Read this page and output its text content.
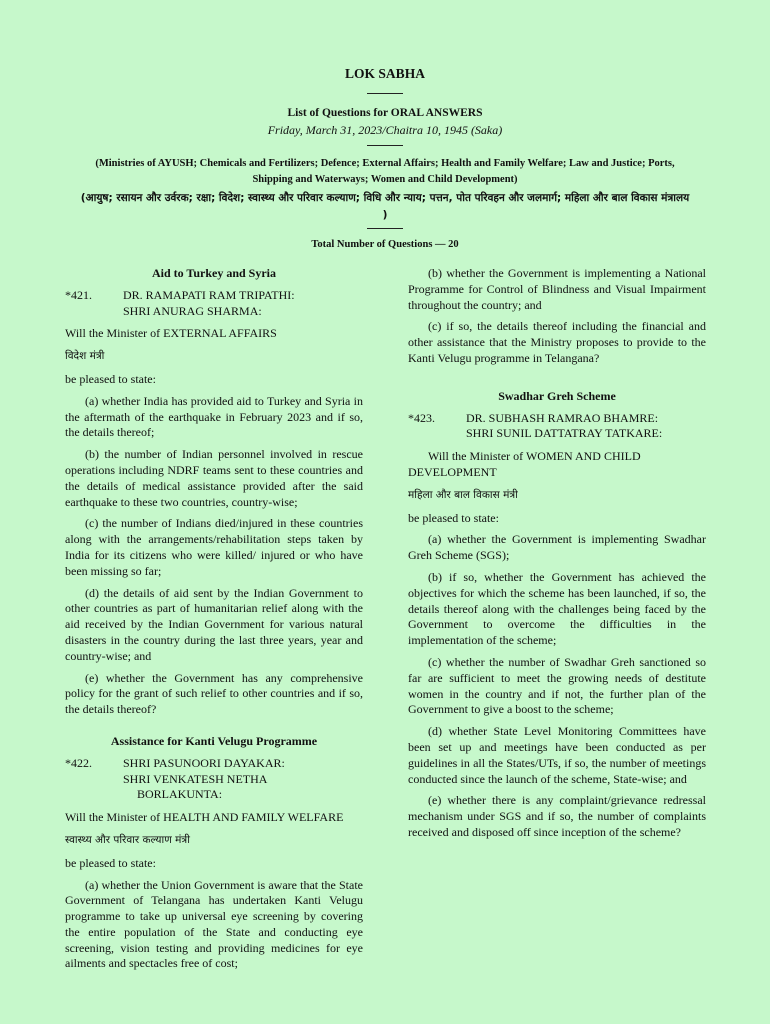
LOK SABHA
List of Questions for ORAL ANSWERS
Friday, March 31, 2023/Chaitra 10, 1945 (Saka)
(Ministries of AYUSH; Chemicals and Fertilizers; Defence; External Affairs; Health and Family Welfare; Law and Justice; Ports, Shipping and Waterways; Women and Child Development)
(आयुष; रसायन और उर्वरक; रक्षा; विदेश; स्वास्थ्य और परिवार कल्याण; विधि और न्याय; पत्तन, पोत परिवहन और जलमार्ग; महिला और बाल विकास मंत्रालय )
Total Number of Questions — 20
Aid to Turkey and Syria
*421.	DR. RAMAPATI RAM TRIPATHI:
SHRI ANURAG SHARMA:
Will the Minister of EXTERNAL AFFAIRS
विदेश मंत्री
be pleased to state:
(a) whether India has provided aid to Turkey and Syria in the aftermath of the earthquake in February 2023 and if so, the details thereof;
(b) the number of Indian personnel involved in rescue operations including NDRF teams sent to these countries and the details of medical assistance provided after the said earthquake to these two countries, country-wise;
(c) the number of Indians died/injured in these countries along with the arrangements/rehabilitation steps taken by India for its citizens who were killed/ injured or who have been missing so far;
(d) the details of aid sent by the Indian Government to other countries as part of humanitarian relief along with the aid received by the Indian Government for various natural disasters in the country during the last three years, year and country-wise; and
(e) whether the Government has any comprehensive policy for the grant of such relief to other countries and if so, the details thereof?
Assistance for Kanti Velugu Programme
*422.	SHRI PASUNOORI DAYAKAR:
SHRI VENKATESH NETHA
BORLAKUNTA:
Will the Minister of HEALTH AND FAMILY WELFARE
स्वास्थ्य और परिवार कल्याण मंत्री
be pleased to state:
(a) whether the Union Government is aware that the State Government of Telangana has undertaken Kanti Velugu programme to take up universal eye screening by covering the entire population of the State and conducting eye screening, vision testing and providing medicines for eye ailments and spectacles free of cost;
(b) whether the Government is implementing a National Programme for Control of Blindness and Visual Impairment throughout the country; and
(c) if so, the details thereof including the financial and other assistance that the Ministry proposes to provide to the Kanti Velugu programme in Telangana?
Swadhar Greh Scheme
*423.	DR. SUBHASH RAMRAO BHAMRE:
SHRI SUNIL DATTATRAY TATKARE:
Will the Minister of WOMEN AND CHILD DEVELOPMENT
महिला और बाल विकास मंत्री
be pleased to state:
(a) whether the Government is implementing Swadhar Greh Scheme (SGS);
(b) if so, whether the Government has achieved the objectives for which the scheme has been launched, if so, the details thereof along with the challenges being faced by the Government to overcome the difficulties in the implementation of the scheme;
(c) whether the number of Swadhar Greh sanctioned so far are sufficient to meet the growing needs of destitute women in the country and if not, the further plan of the Government to give a boost to the scheme;
(d) whether State Level Monitoring Committees have been set up and meetings have been conducted as per guidelines in all the States/UTs, if so, the number of meetings conducted since the launch of the scheme, State-wise; and
(e) whether there is any complaint/grievance redressal mechanism under SGS and if so, the number of complaints received and disposed off since inception of the scheme?
